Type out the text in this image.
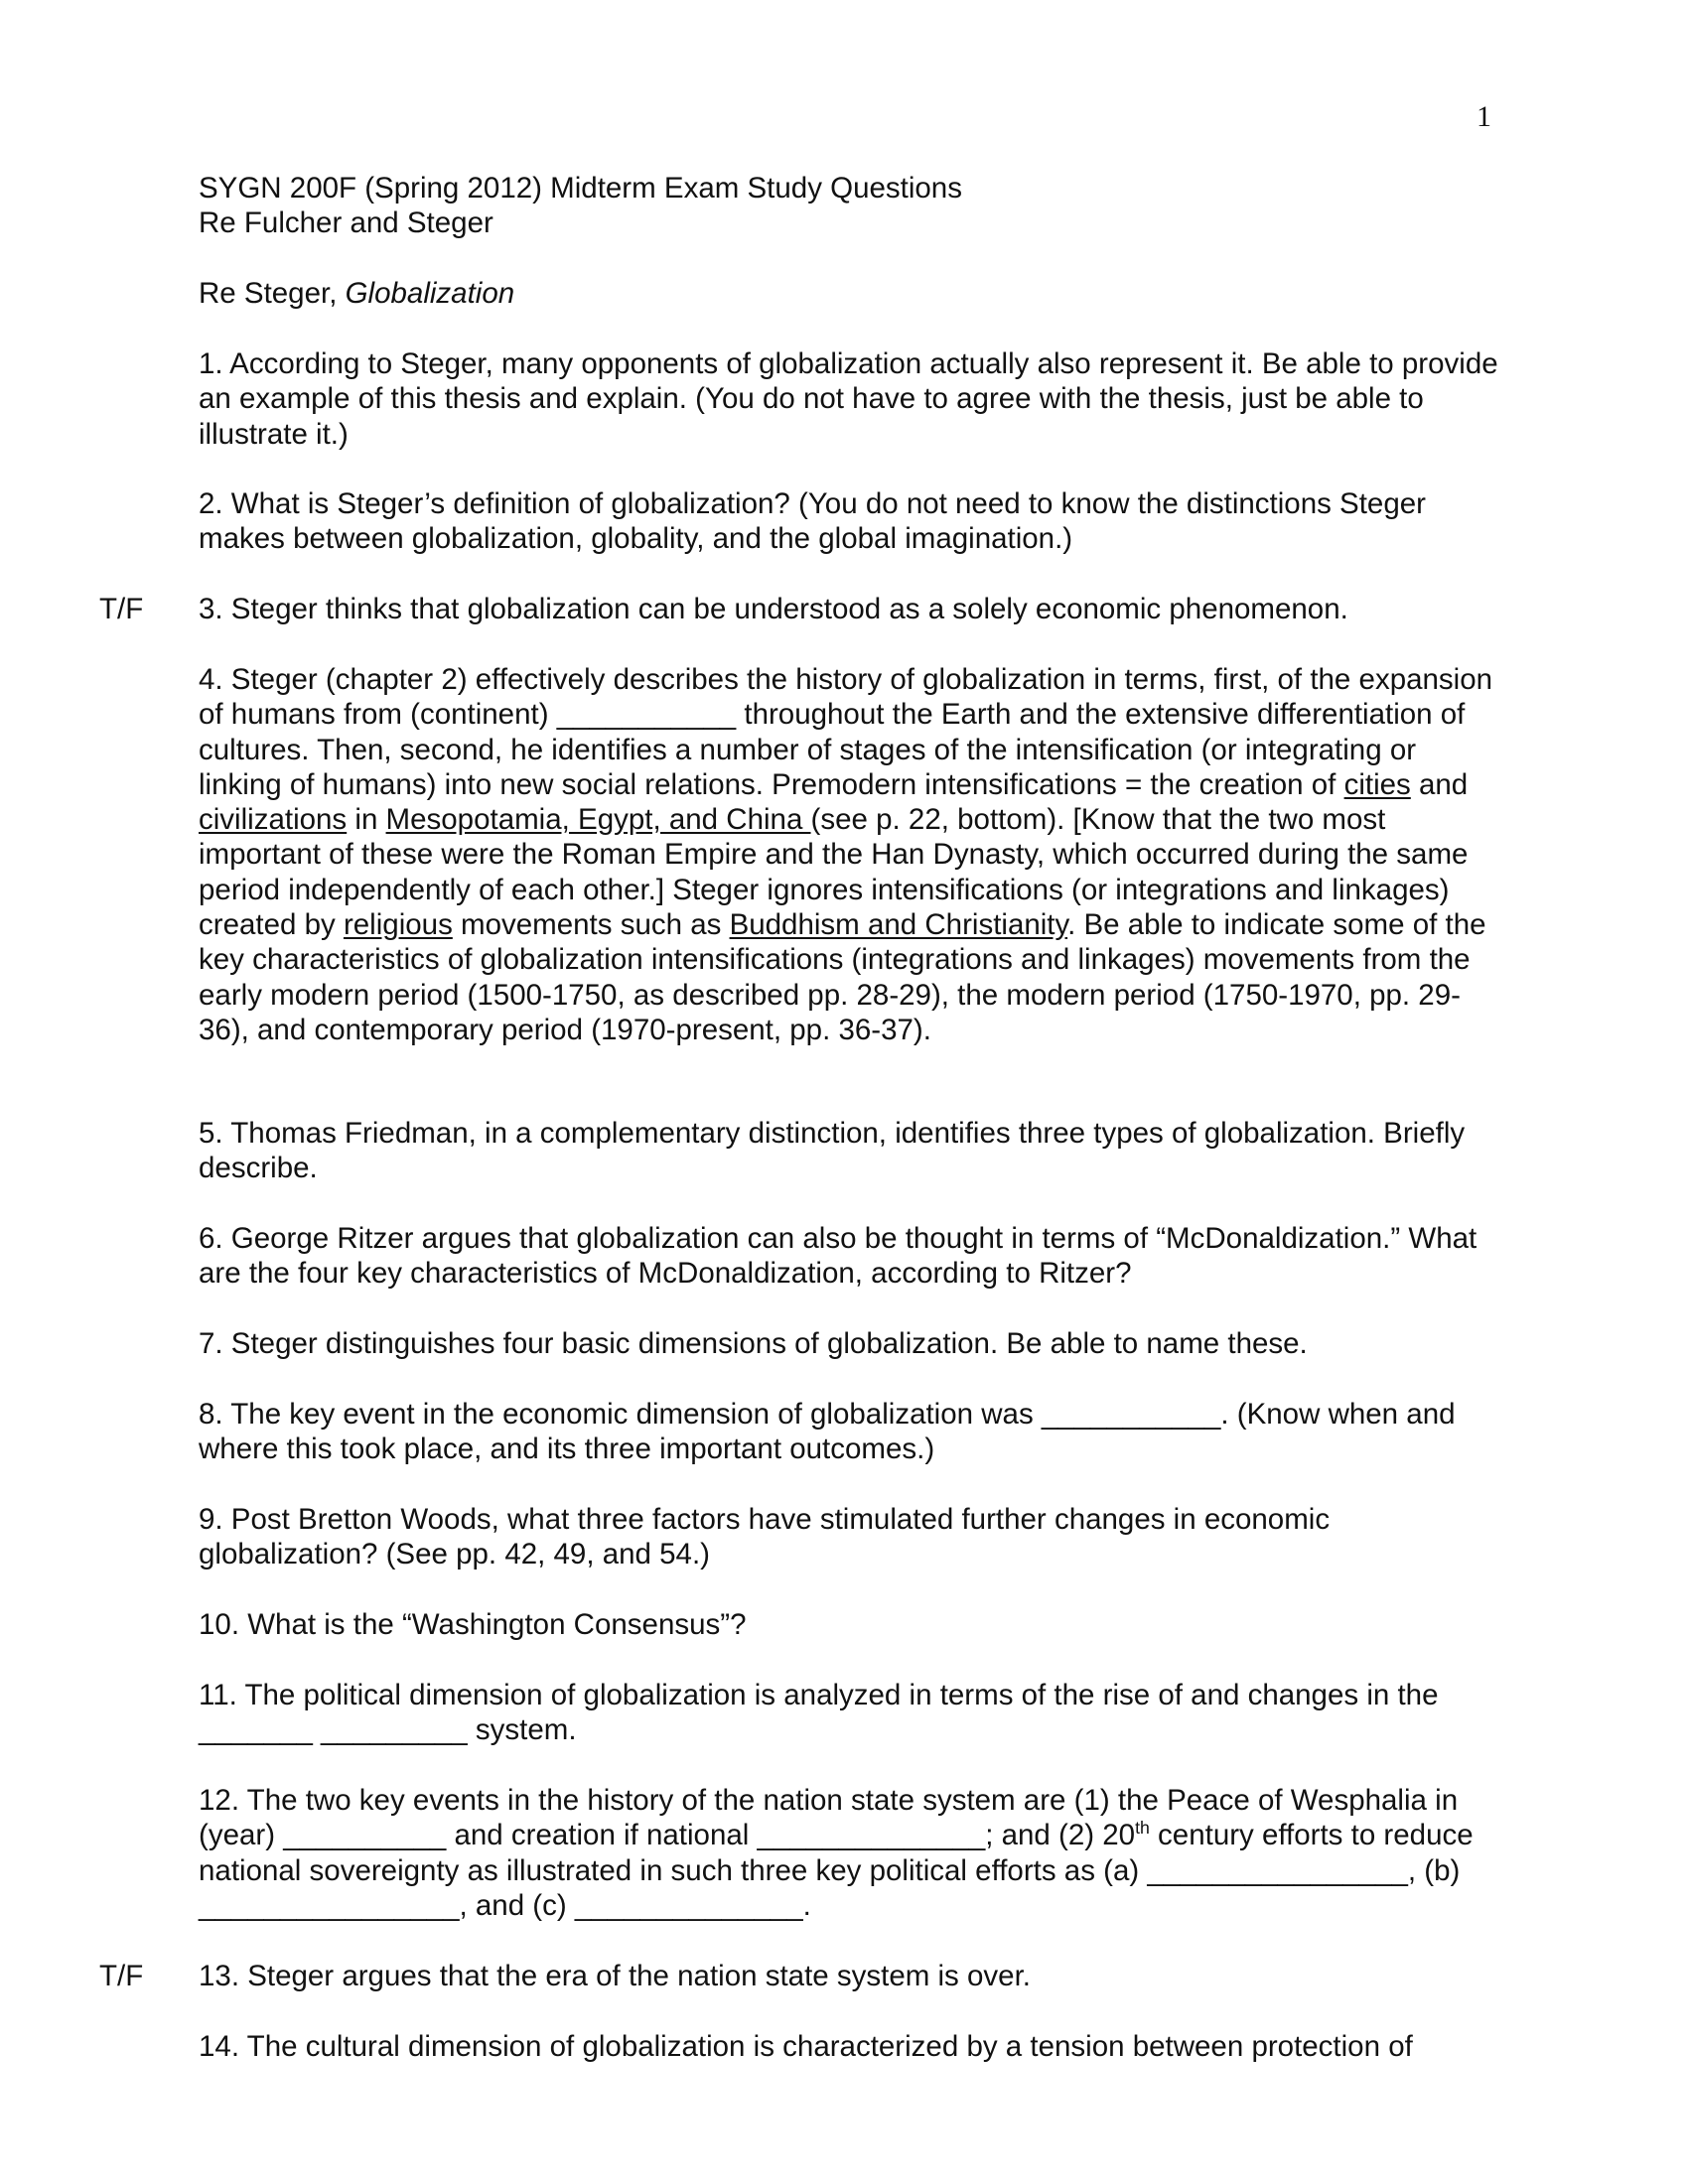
1

SYGN 200F (Spring 2012) Midterm Exam Study Questions
Re Fulcher and Steger

Re Steger, Globalization

1. According to Steger, many opponents of globalization actually also represent it. Be able to provide an example of this thesis and explain. (You do not have to agree with the thesis, just be able to illustrate it.)

2. What is Steger’s definition of globalization? (You do not need to know the distinctions Steger makes between globalization, globality, and the global imagination.)

T/F 3. Steger thinks that globalization can be understood as a solely economic phenomenon.

4. Steger (chapter 2) effectively describes the history of globalization in terms, first, of the expansion of humans from (continent) ___________ throughout the Earth and the extensive differentiation of cultures. Then, second, he identifies a number of stages of the intensification (or integrating or linking of humans) into new social relations. Premodern intensifications = the creation of cities and civilizations in Mesopotamia, Egypt, and China (see p. 22, bottom). [Know that the two most important of these were the Roman Empire and the Han Dynasty, which occurred during the same period independently of each other.] Steger ignores intensifications (or integrations and linkages) created by religious movements such as Buddhism and Christianity. Be able to indicate some of the key characteristics of globalization intensifications (integrations and linkages) movements from the early modern period (1500-1750, as described pp. 28-29), the modern period (1750-1970, pp. 29-36), and contemporary period (1970-present, pp. 36-37).

5. Thomas Friedman, in a complementary distinction, identifies three types of globalization. Briefly describe.

6. George Ritzer argues that globalization can also be thought in terms of “McDonaldization.” What are the four key characteristics of McDonaldization, according to Ritzer?

7. Steger distinguishes four basic dimensions of globalization. Be able to name these.

8. The key event in the economic dimension of globalization was ___________. (Know when and where this took place, and its three important outcomes.)

9. Post Bretton Woods, what three factors have stimulated further changes in economic globalization? (See pp. 42, 49, and 54.)

10. What is the “Washington Consensus”?

11. The political dimension of globalization is analyzed in terms of the rise of and changes in the _______ _________ system.

12. The two key events in the history of the nation state system are (1) the Peace of Wesphalia in (year) __________ and creation if national ______________; and (2) 20th century efforts to reduce national sovereignty as illustrated in such three key political efforts as (a) ________________, (b) ________________, and (c) ______________.

T/F 13. Steger argues that the era of the nation state system is over.

14. The cultural dimension of globalization is characterized by a tension between protection of
